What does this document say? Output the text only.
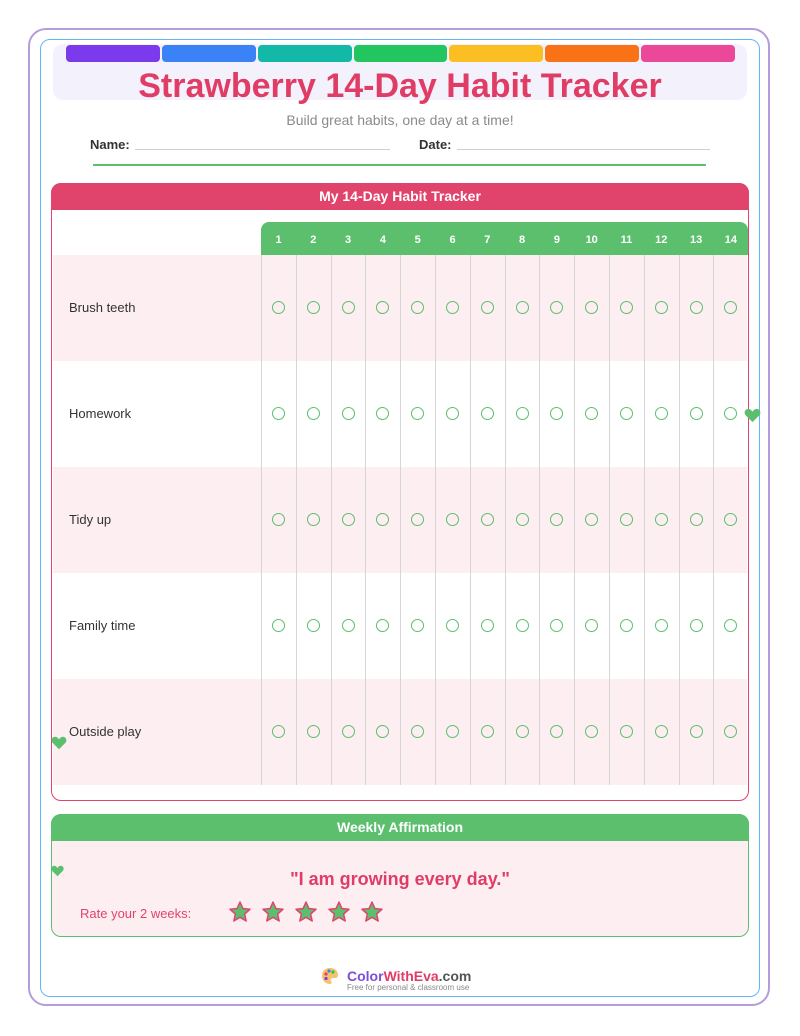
Strawberry 14-Day Habit Tracker
Build great habits, one day at a time!
Name:	Date:
My 14-Day Habit Tracker
1	2	3	4	5	6	7	8	9	10	11	12	13	14
Brush teeth
Homework
Tidy up
Family time
Outside play
Weekly Affirmation
"I am growing every day."
Rate your 2 weeks:
ColorWithEva.com
Free for personal & classroom use
